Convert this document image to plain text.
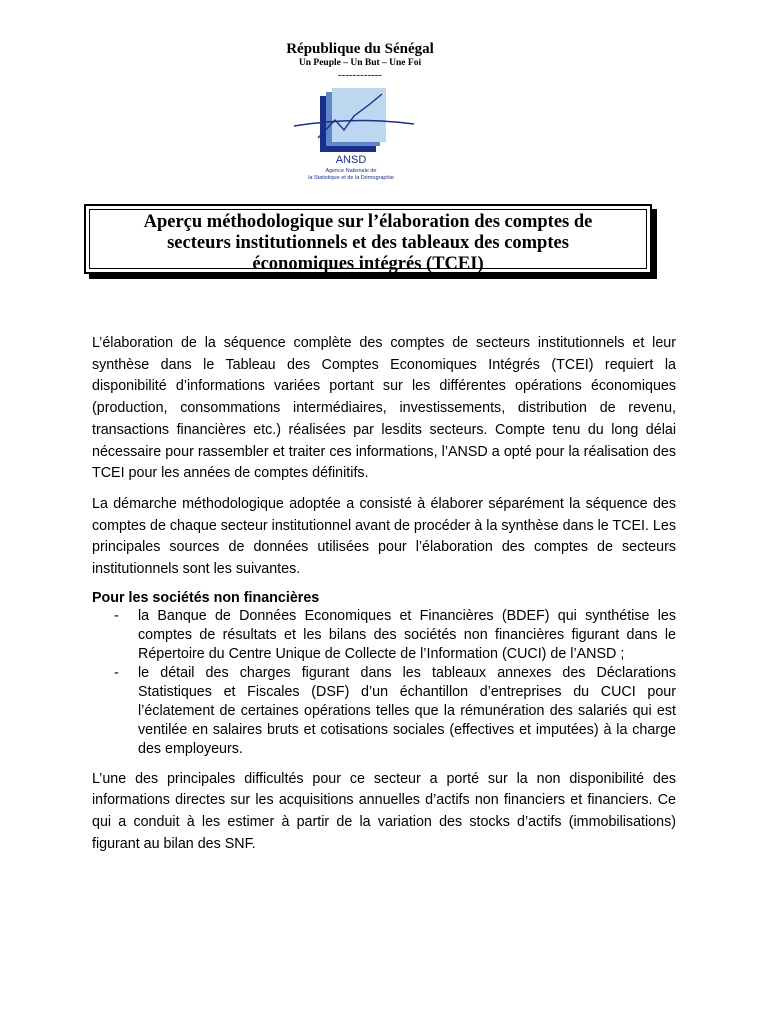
République du Sénégal
Un Peuple – Un But – Une Foi
------------
ANSD
Agence Nationale de
la Statistique et de la Démographie
Aperçu méthodologique sur l’élaboration des comptes de
secteurs institutionnels et des tableaux des comptes
économiques intégrés (TCEI)

L’élaboration de la séquence complète des comptes de secteurs institutionnels et leur synthèse dans le Tableau des Comptes Economiques Intégrés (TCEI) requiert la disponibilité d’informations variées portant sur les différentes opérations économiques (production, consommations intermédiaires, investissements, distribution de revenu, transactions financières etc.) réalisées par lesdits secteurs. Compte tenu du long délai nécessaire pour rassembler et traiter ces informations, l’ANSD a opté pour la réalisation des TCEI pour les années de comptes définitifs.

La démarche méthodologique adoptée a consisté à élaborer séparément la séquence des comptes de chaque secteur institutionnel avant de procéder à la synthèse dans le TCEI. Les principales sources de données utilisées pour l’élaboration des comptes de secteurs institutionnels sont les suivantes.

Pour les sociétés non financières

- la Banque de Données Economiques et Financières (BDEF) qui synthétise les comptes de résultats et les bilans des sociétés non financières figurant dans le Répertoire du Centre Unique de Collecte de l’Information (CUCI) de l’ANSD ;
- le détail des charges figurant dans les tableaux annexes des Déclarations Statistiques et Fiscales (DSF) d’un échantillon d’entreprises du CUCI pour l’éclatement de certaines opérations telles que la rémunération des salariés qui est ventilée en salaires bruts et cotisations sociales (effectives et imputées) à la charge des employeurs.

L’une des principales difficultés pour ce secteur a porté sur la non disponibilité des informations directes sur les acquisitions annuelles d’actifs non financiers et financiers. Ce qui a conduit à les estimer à partir de la variation des stocks d’actifs (immobilisations) figurant au bilan des SNF.
